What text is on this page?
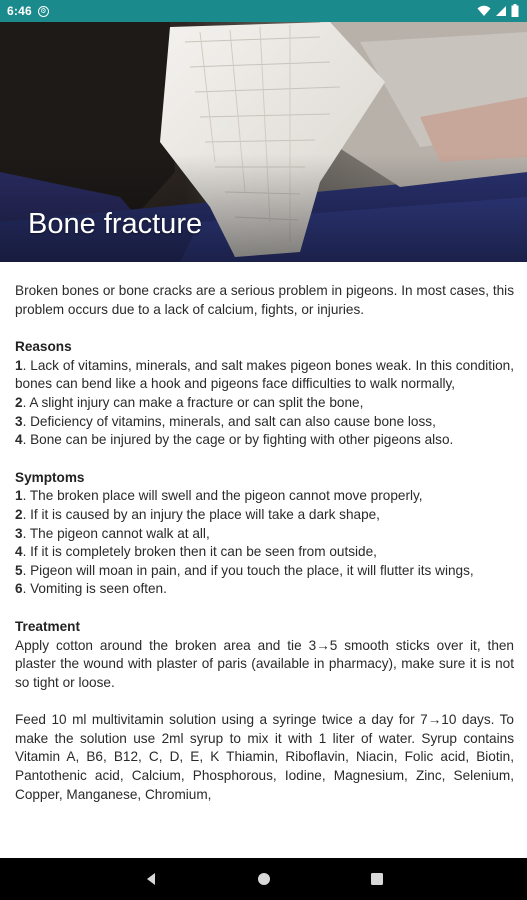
6:46	⚙
Bone fracture

Broken bones or bone cracks are a serious problem in pigeons. In most cases, this problem occurs due to a lack of calcium, fights, or injuries.

Reasons

1. Lack of vitamins, minerals, and salt makes pigeon bones weak. In this condition, bones can bend like a hook and pigeons face difficulties to walk normally,

2. A slight injury can make a fracture or can split the bone,

3. Deficiency of vitamins, minerals, and salt can also cause bone loss,

4. Bone can be injured by the cage or by fighting with other pigeons also.

Symptoms

1. The broken place will swell and the pigeon cannot move properly,

2. If it is caused by an injury the place will take a dark shape,

3. The pigeon cannot walk at all,

4. If it is completely broken then it can be seen from outside,

5. Pigeon will moan in pain, and if you touch the place, it will flutter its wings,

6. Vomiting is seen often.

Treatment

Apply cotton around the broken area and tie 3→5 smooth sticks over it, then plaster the wound with plaster of paris (available in pharmacy), make sure it is not so tight or loose.

Feed 10 ml multivitamin solution using a syringe twice a day for 7→10 days. To make the solution use 2ml syrup to mix it with 1 liter of water. Syrup contains Vitamin A, B6, B12, C, D, E, K Thiamin, Riboflavin, Niacin, Folic acid, Biotin, Pantothenic acid, Calcium, Phosphorous, Iodine, Magnesium, Zinc, Selenium, Copper, Manganese, Chromium,
